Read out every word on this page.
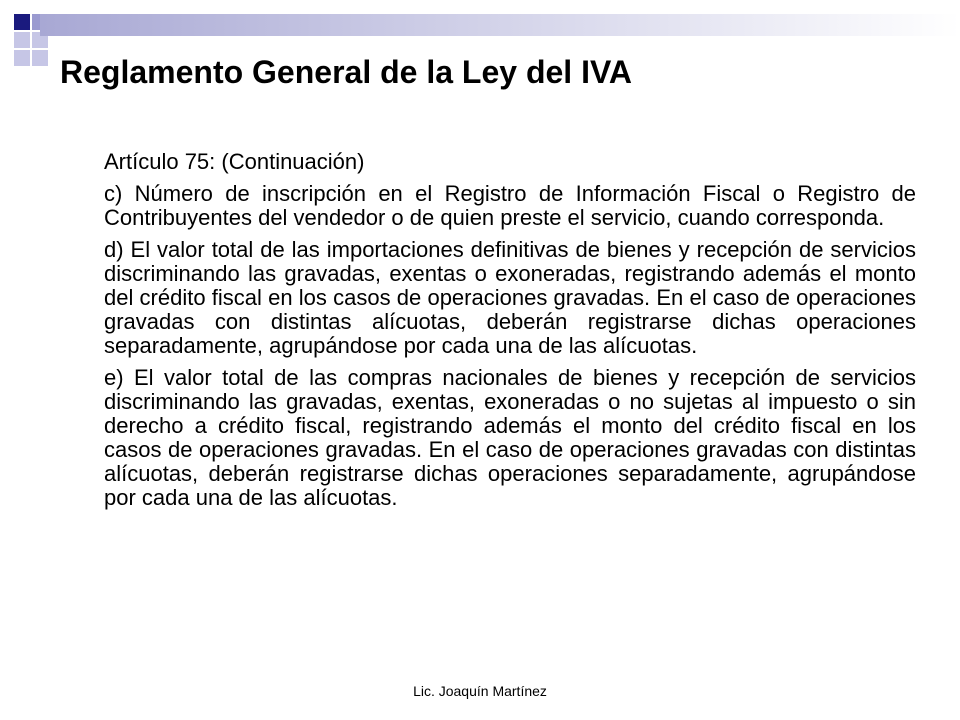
Reglamento General de la Ley del IVA

Artículo 75: (Continuación)

c) Número de inscripción en el Registro de Información Fiscal o Registro de Contribuyentes del vendedor o de quien preste el servicio, cuando corresponda.

d) El valor total de las importaciones definitivas de bienes y recepción de servicios discriminando las gravadas, exentas o exoneradas, registrando además el monto del crédito fiscal en los casos de operaciones gravadas. En el caso de operaciones gravadas con distintas alícuotas, deberán registrarse dichas operaciones separadamente, agrupándose por cada una de las alícuotas.

e) El valor total de las compras nacionales de bienes y recepción de servicios discriminando las gravadas, exentas, exoneradas o no sujetas al impuesto o sin derecho a crédito fiscal, registrando además el monto del crédito fiscal en los casos de operaciones gravadas. En el caso de operaciones gravadas con distintas alícuotas, deberán registrarse dichas operaciones separadamente, agrupándose por cada una de las alícuotas.

Lic. Joaquín Martínez
